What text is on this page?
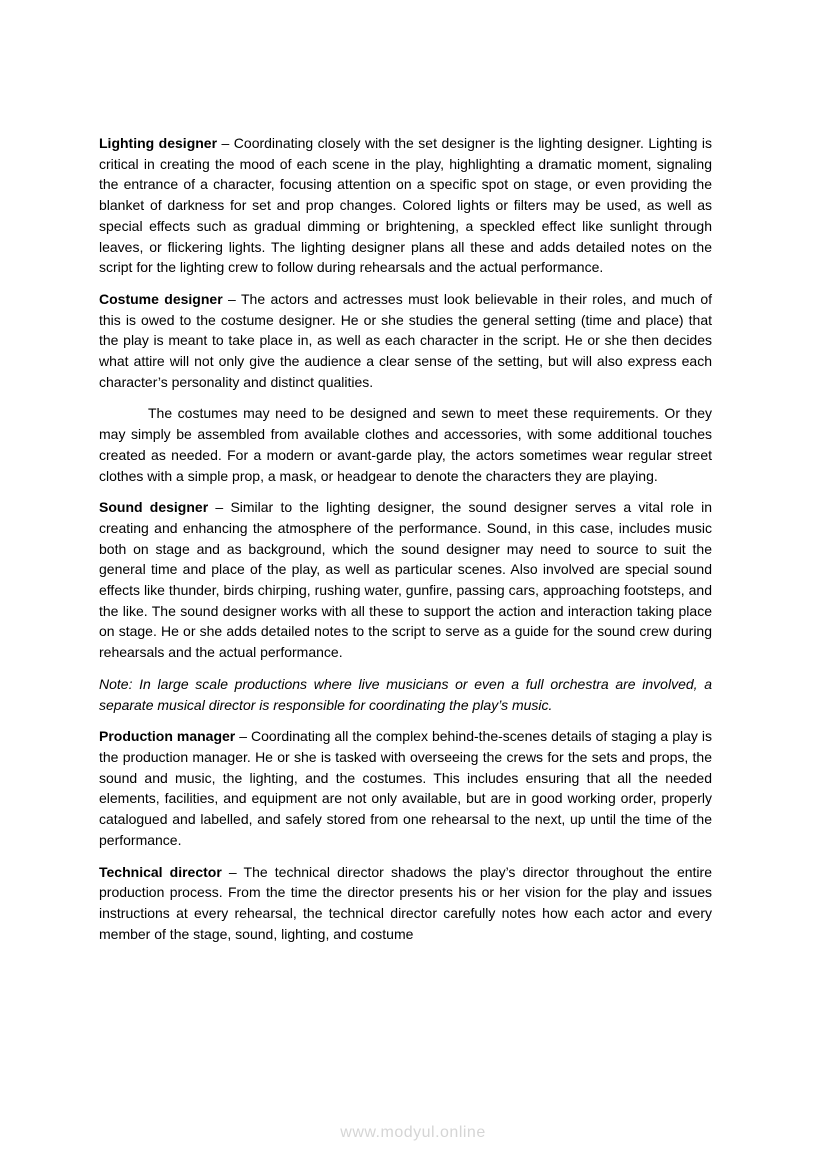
Lighting designer – Coordinating closely with the set designer is the lighting designer. Lighting is critical in creating the mood of each scene in the play, highlighting a dramatic moment, signaling the entrance of a character, focusing attention on a specific spot on stage, or even providing the blanket of darkness for set and prop changes. Colored lights or filters may be used, as well as special effects such as gradual dimming or brightening, a speckled effect like sunlight through leaves, or flickering lights. The lighting designer plans all these and adds detailed notes on the script for the lighting crew to follow during rehearsals and the actual performance.

Costume designer – The actors and actresses must look believable in their roles, and much of this is owed to the costume designer. He or she studies the general setting (time and place) that the play is meant to take place in, as well as each character in the script. He or she then decides what attire will not only give the audience a clear sense of the setting, but will also express each character’s personality and distinct qualities.

The costumes may need to be designed and sewn to meet these requirements. Or they may simply be assembled from available clothes and accessories, with some additional touches created as needed. For a modern or avant-garde play, the actors sometimes wear regular street clothes with a simple prop, a mask, or headgear to denote the characters they are playing.

Sound designer – Similar to the lighting designer, the sound designer serves a vital role in creating and enhancing the atmosphere of the performance. Sound, in this case, includes music both on stage and as background, which the sound designer may need to source to suit the general time and place of the play, as well as particular scenes. Also involved are special sound effects like thunder, birds chirping, rushing water, gunfire, passing cars, approaching footsteps, and the like. The sound designer works with all these to support the action and interaction taking place on stage. He or she adds detailed notes to the script to serve as a guide for the sound crew during rehearsals and the actual performance.

Note: In large scale productions where live musicians or even a full orchestra are involved, a separate musical director is responsible for coordinating the play’s music.

Production manager – Coordinating all the complex behind-the-scenes details of staging a play is the production manager. He or she is tasked with overseeing the crews for the sets and props, the sound and music, the lighting, and the costumes. This includes ensuring that all the needed elements, facilities, and equipment are not only available, but are in good working order, properly catalogued and labelled, and safely stored from one rehearsal to the next, up until the time of the performance.

Technical director – The technical director shadows the play’s director throughout the entire production process. From the time the director presents his or her vision for the play and issues instructions at every rehearsal, the technical director carefully notes how each actor and every member of the stage, sound, lighting, and costume

www.modyul.online
